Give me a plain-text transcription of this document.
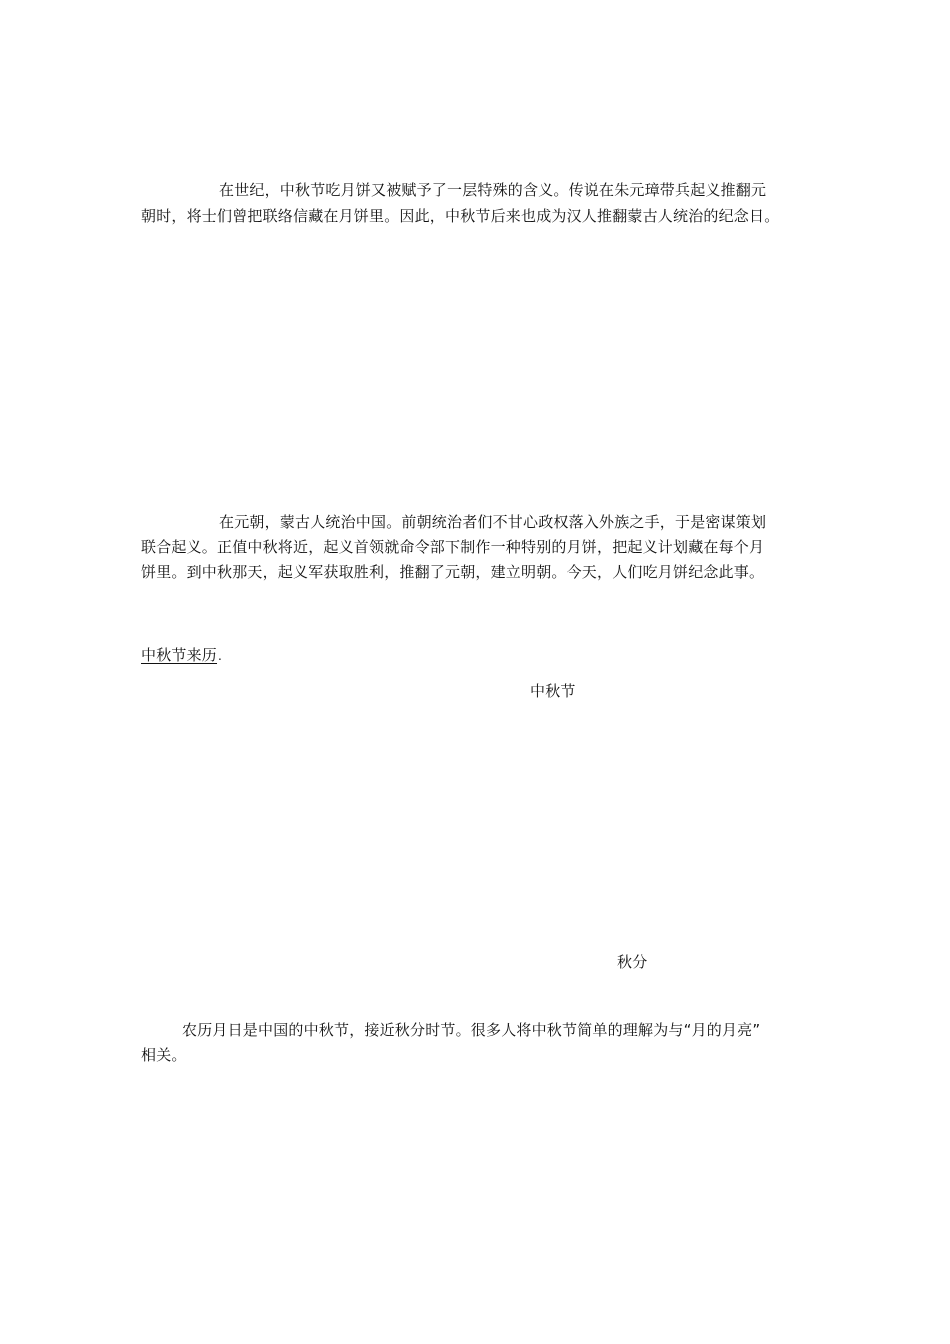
在世纪，中秋节吃月饼又被赋予了一层特殊的含义。传说在朱元璋带兵起义推翻元
朝时，将士们曾把联络信藏在月饼里。因此，中秋节后来也成为汉人推翻蒙古人统治的纪念日。
在元朝，蒙古人统治中国。前朝统治者们不甘心政权落入外族之手，于是密谋策划
联合起义。正值中秋将近，起义首领就命令部下制作一种特别的月饼，把起义计划藏在每个月
饼里。到中秋那天，起义军获取胜利，推翻了元朝，建立明朝。今天，人们吃月饼纪念此事。
中秋节来历.
中秋节
秋分
农历月日是中国的中秋节，接近秋分时节。很多人将中秋节简单的理解为与“月的月亮”
相关。
